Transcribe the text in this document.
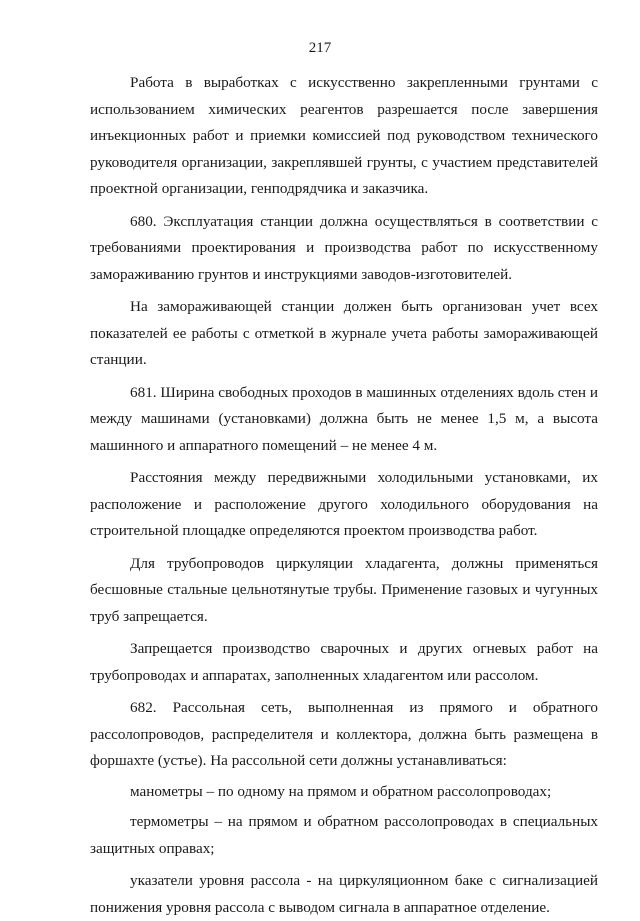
217

Работа в выработках с искусственно закрепленными грунтами с использованием химических реагентов разрешается после завершения инъекционных работ и приемки комиссией под руководством технического руководителя организации, закреплявшей грунты, с участием представителей проектной организации, генподрядчика и заказчика.

680. Эксплуатация станции должна осуществляться в соответствии с требованиями проектирования и производства работ по искусственному замораживанию грунтов и инструкциями заводов-изготовителей.

На замораживающей станции должен быть организован учет всех показателей ее работы с отметкой в журнале учета работы замораживающей станции.

681. Ширина свободных проходов в машинных отделениях вдоль стен и между машинами (установками) должна быть не менее 1,5 м, а высота машинного и аппаратного помещений – не менее 4 м.

Расстояния между передвижными холодильными установками, их расположение и расположение другого холодильного оборудования на строительной площадке определяются проектом производства работ.

Для трубопроводов циркуляции хладагента, должны применяться бесшовные стальные цельнотянутые трубы. Применение газовых и чугунных труб запрещается.

Запрещается производство сварочных и других огневых работ на трубопроводах и аппаратах, заполненных хладагентом или рассолом.

682. Рассольная сеть, выполненная из прямого и обратного рассолопроводов, распределителя и коллектора, должна быть размещена в форшахте (устье). На рассольной сети должны устанавливаться:

манометры – по одному на прямом и обратном рассолопроводах;

термометры – на прямом и обратном рассолопроводах в специальных защитных оправах;

указатели уровня рассола - на циркуляционном баке с сигнализацией понижения уровня рассола с выводом сигнала в аппаратное отделение.
